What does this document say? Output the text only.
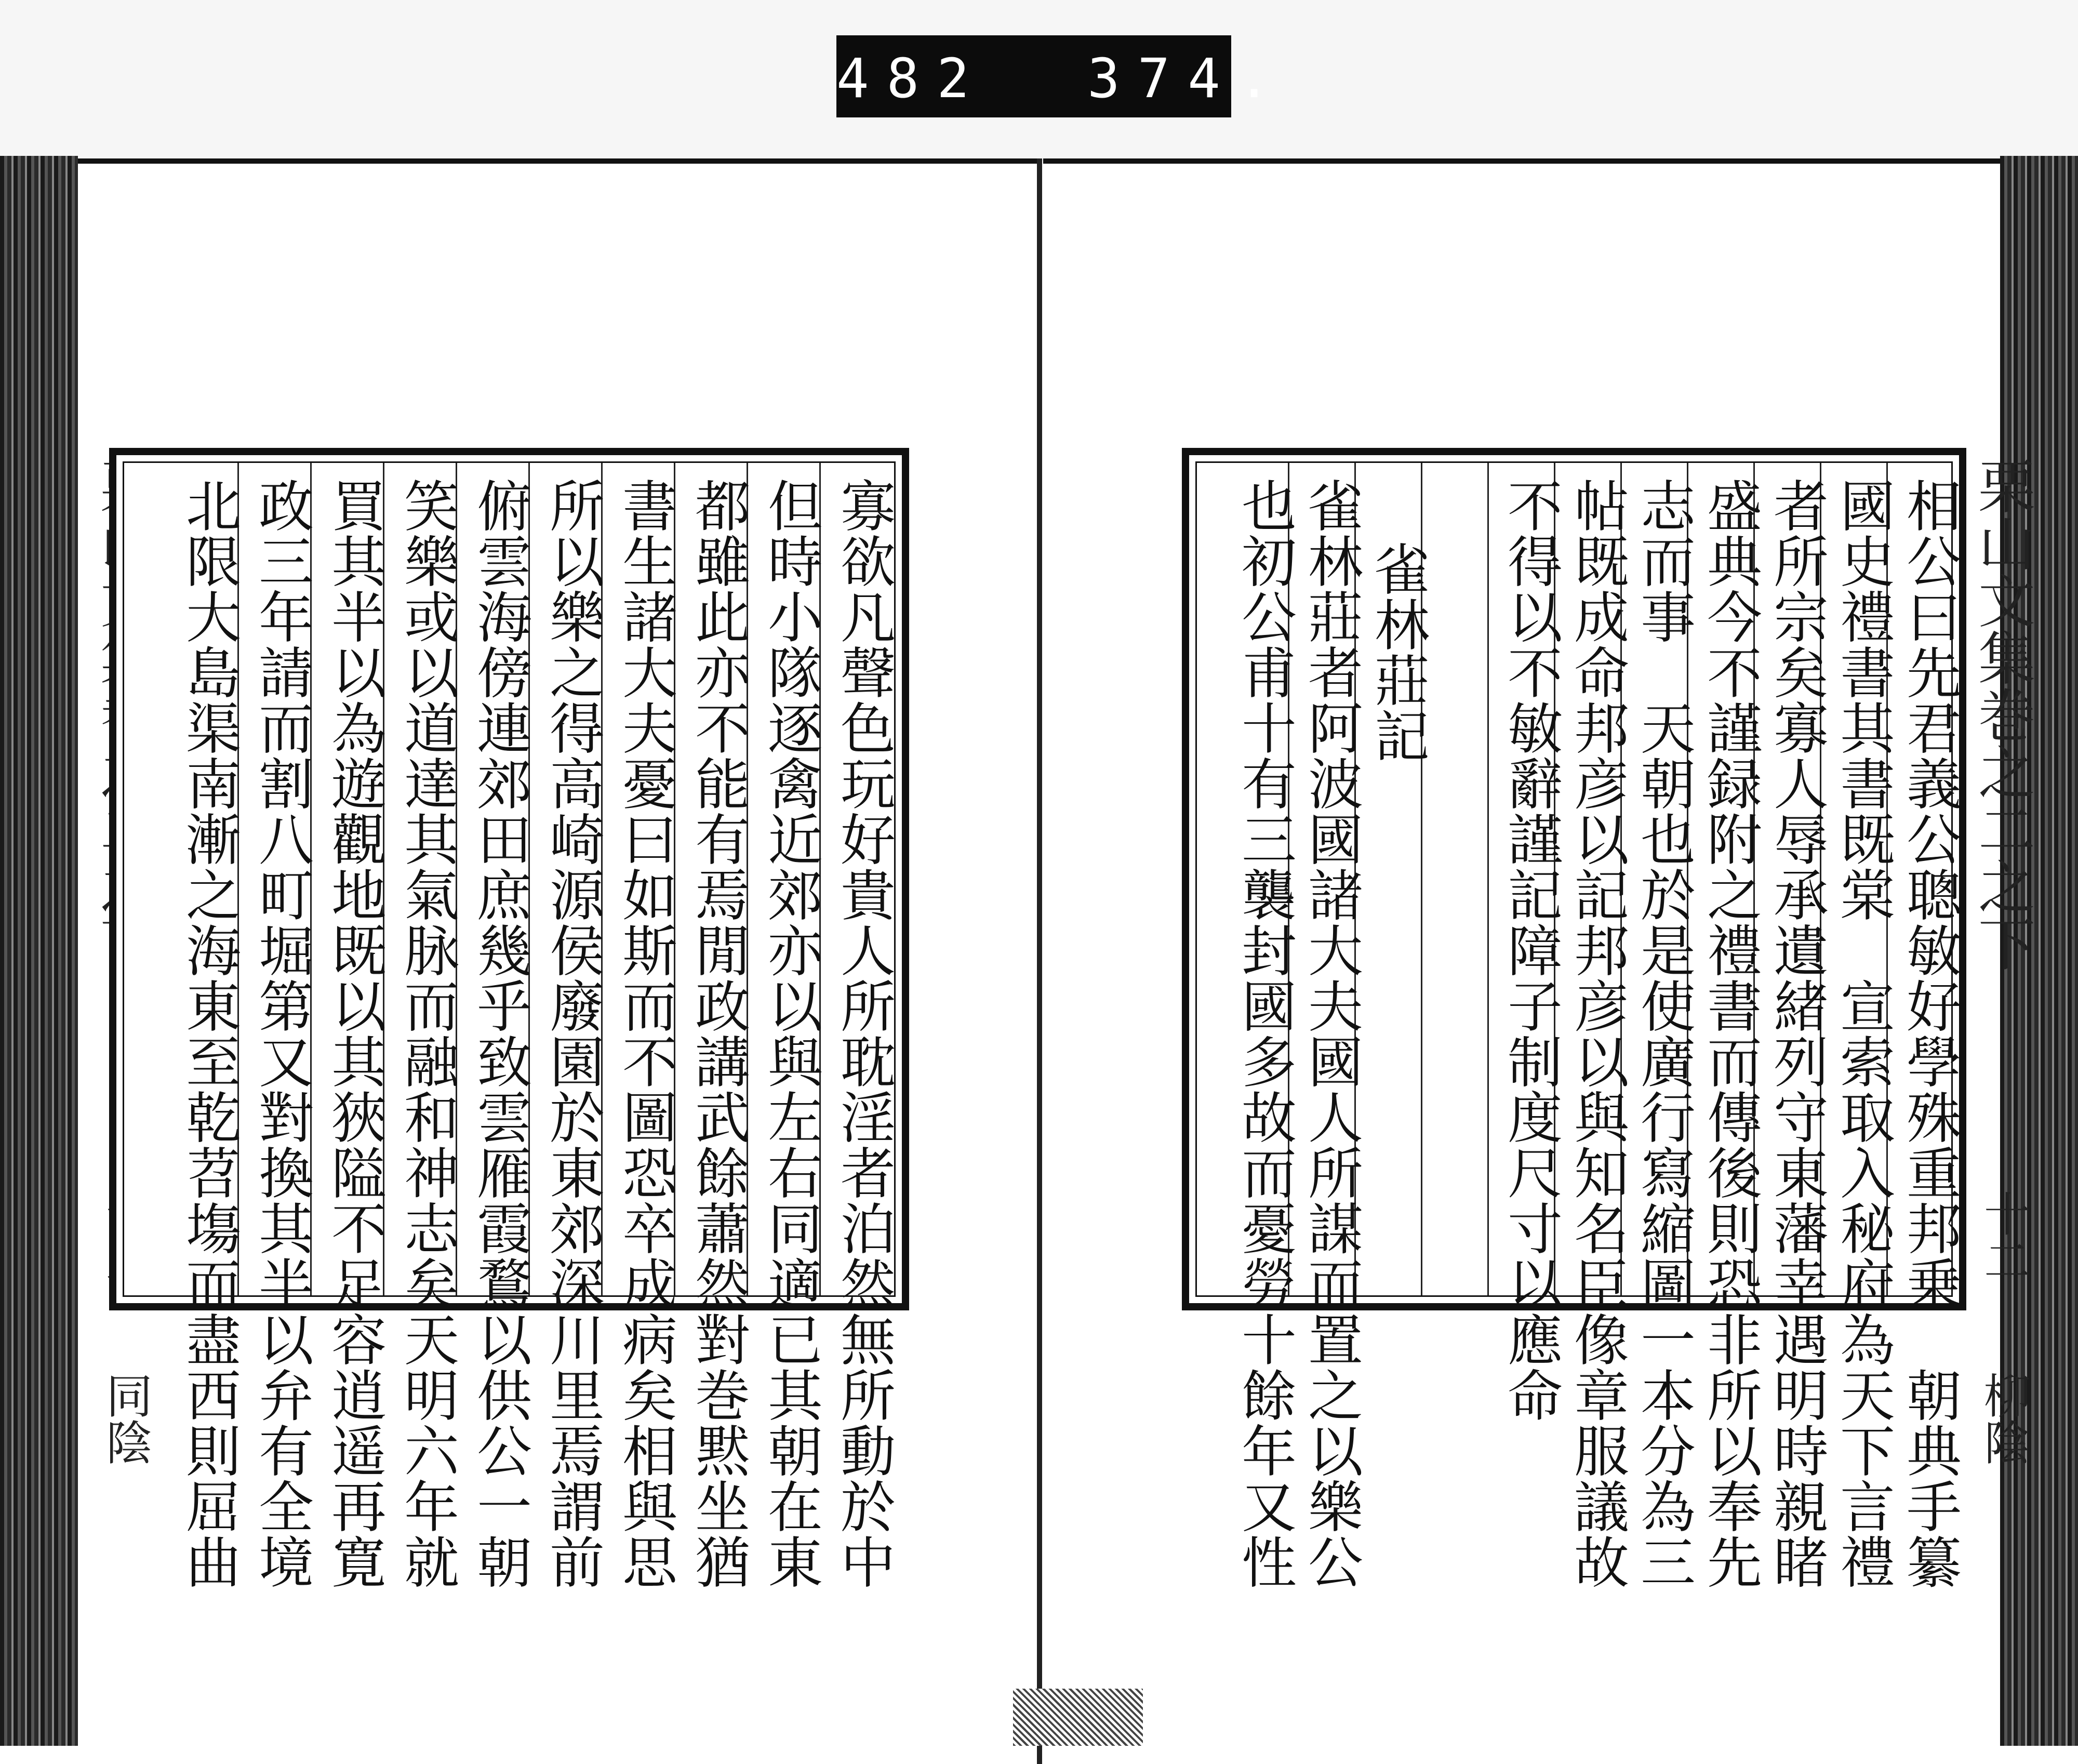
482  374.
同陰	寡欲凡聲色玩好貴人所耽淫者泊然無所動於中
但時小隊逐禽近郊亦以與左右同適已其朝在東
都雖此亦不能有焉閒政講武餘蕭然對巻黙坐猶
書生諸大夫憂曰如斯而不圖恐卒成病矣相與思
所以樂之得高崎源侯廢園於東郊深川里焉謂前
俯雲海傍連郊田庶幾乎致雲雁霞鶩以供公一朝
笑樂或以道達其氣脉而融和神志矣天明六年就
買其半以為遊觀地既以其狹隘不足容逍遥再寛
政三年請而割八町堀第又對換其半以弁有全境
北限大島渠南漸之海東至乾苕塲而盡西則屈曲	栗山文集巻之二之下
十二
柳陰
相公曰先君義公聰敏好學殊重邦乗　朝典手纂
國史禮書其書既棠　宣索取入秘府為天下言禮
者所宗矣寡人辱承遺緒列守東藩幸遇明時親睹
盛典今不謹録附之禮書而傳後則恐非所以奉先
志而事　天朝也於是使廣行寫縮圖一本分為三
帖既成命邦彦以記邦彦以與知名臣像章服議故
不得以不敏辭謹記障子制度尺寸以應命
雀林莊記
雀林莊者阿波國諸大夫國人所謀而置之以樂公
也初公甫十有三襲封國多故而憂勞十餘年又性
